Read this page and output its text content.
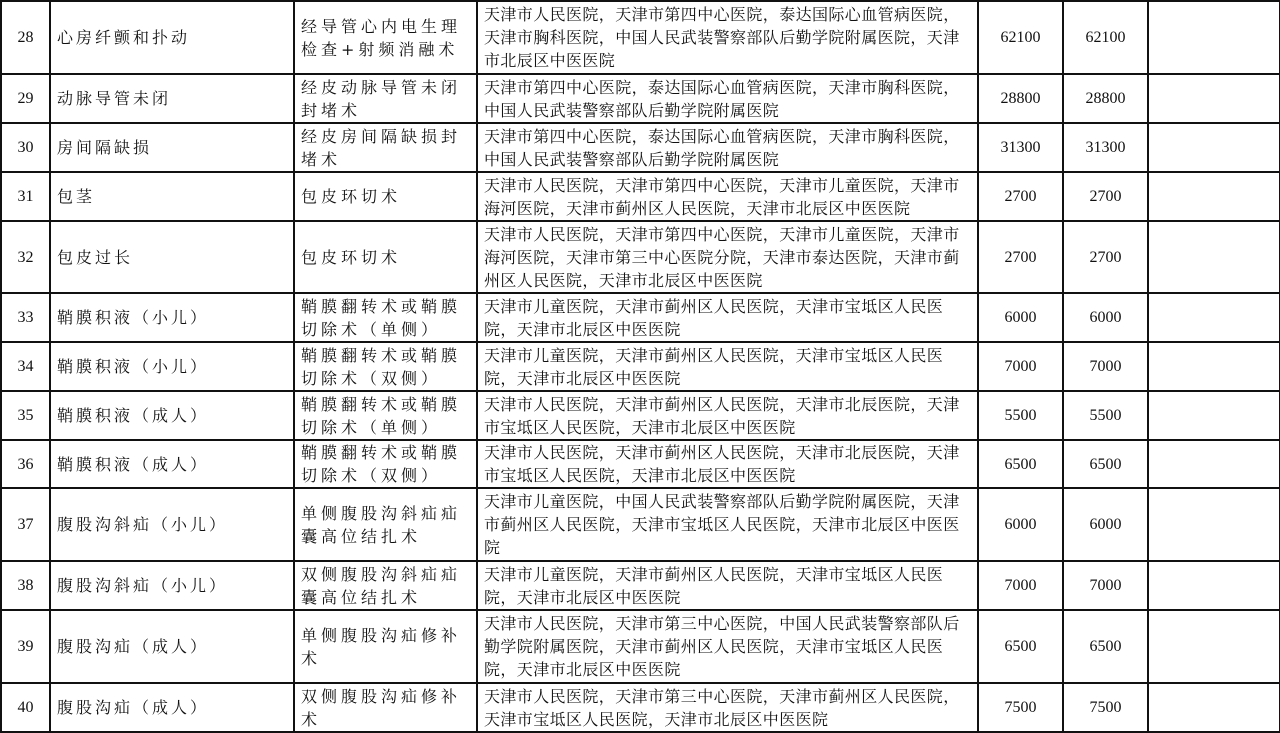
28	心房纤颤和扑动	经导管心内电生理检查+射频消融术	天津市人民医院，天津市第四中心医院，泰达国际心血管病医院，天津市胸科医院，中国人民武装警察部队后勤学院附属医院，天津市北辰区中医医院	62100	62100	
29	动脉导管未闭	经皮动脉导管未闭封堵术	天津市第四中心医院，泰达国际心血管病医院，天津市胸科医院，中国人民武装警察部队后勤学院附属医院	28800	28800	
30	房间隔缺损	经皮房间隔缺损封堵术	天津市第四中心医院，泰达国际心血管病医院，天津市胸科医院，中国人民武装警察部队后勤学院附属医院	31300	31300	
31	包茎	包皮环切术	天津市人民医院，天津市第四中心医院，天津市儿童医院，天津市海河医院，天津市蓟州区人民医院，天津市北辰区中医医院	2700	2700	
32	包皮过长	包皮环切术	天津市人民医院，天津市第四中心医院，天津市儿童医院，天津市海河医院，天津市第三中心医院分院，天津市泰达医院，天津市蓟州区人民医院，天津市北辰区中医医院	2700	2700	
33	鞘膜积液（小儿）	鞘膜翻转术或鞘膜切除术（单侧）	天津市儿童医院，天津市蓟州区人民医院，天津市宝坻区人民医院，天津市北辰区中医医院	6000	6000	
34	鞘膜积液（小儿）	鞘膜翻转术或鞘膜切除术（双侧）	天津市儿童医院，天津市蓟州区人民医院，天津市宝坻区人民医院，天津市北辰区中医医院	7000	7000	
35	鞘膜积液（成人）	鞘膜翻转术或鞘膜切除术（单侧）	天津市人民医院，天津市蓟州区人民医院，天津市北辰医院，天津市宝坻区人民医院，天津市北辰区中医医院	5500	5500	
36	鞘膜积液（成人）	鞘膜翻转术或鞘膜切除术（双侧）	天津市人民医院，天津市蓟州区人民医院，天津市北辰医院，天津市宝坻区人民医院，天津市北辰区中医医院	6500	6500	
37	腹股沟斜疝（小儿）	单侧腹股沟斜疝疝囊高位结扎术	天津市儿童医院，中国人民武装警察部队后勤学院附属医院，天津市蓟州区人民医院，天津市宝坻区人民医院，天津市北辰区中医医院	6000	6000	
38	腹股沟斜疝（小儿）	双侧腹股沟斜疝疝囊高位结扎术	天津市儿童医院，天津市蓟州区人民医院，天津市宝坻区人民医院，天津市北辰区中医医院	7000	7000	
39	腹股沟疝（成人）	单侧腹股沟疝修补术	天津市人民医院，天津市第三中心医院，中国人民武装警察部队后勤学院附属医院，天津市蓟州区人民医院，天津市宝坻区人民医院，天津市北辰区中医医院	6500	6500	
40	腹股沟疝（成人）	双侧腹股沟疝修补术	天津市人民医院，天津市第三中心医院，天津市蓟州区人民医院，天津市宝坻区人民医院，天津市北辰区中医医院	7500	7500	
